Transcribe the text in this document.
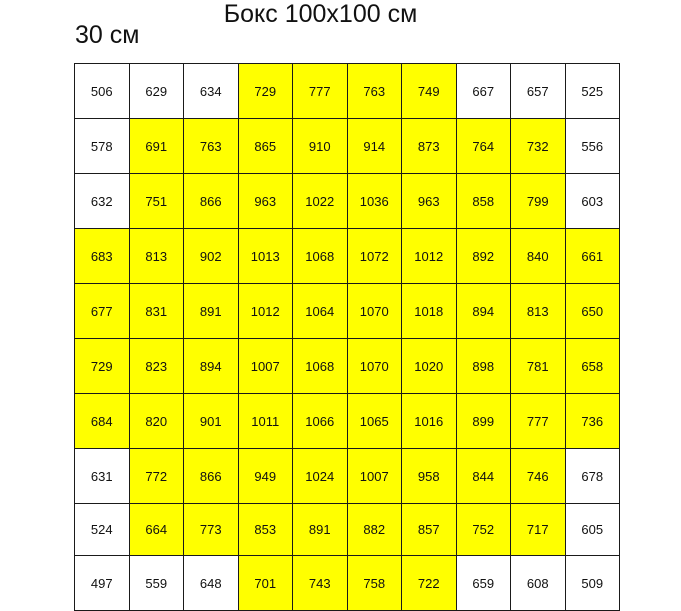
Бокс 100х100 см
30 см
506	629	634	729	777	763	749	667	657	525
578	691	763	865	910	914	873	764	732	556
632	751	866	963	1022	1036	963	858	799	603
683	813	902	1013	1068	1072	1012	892	840	661
677	831	891	1012	1064	1070	1018	894	813	650
729	823	894	1007	1068	1070	1020	898	781	658
684	820	901	1011	1066	1065	1016	899	777	736
631	772	866	949	1024	1007	958	844	746	678
524	664	773	853	891	882	857	752	717	605
497	559	648	701	743	758	722	659	608	509
